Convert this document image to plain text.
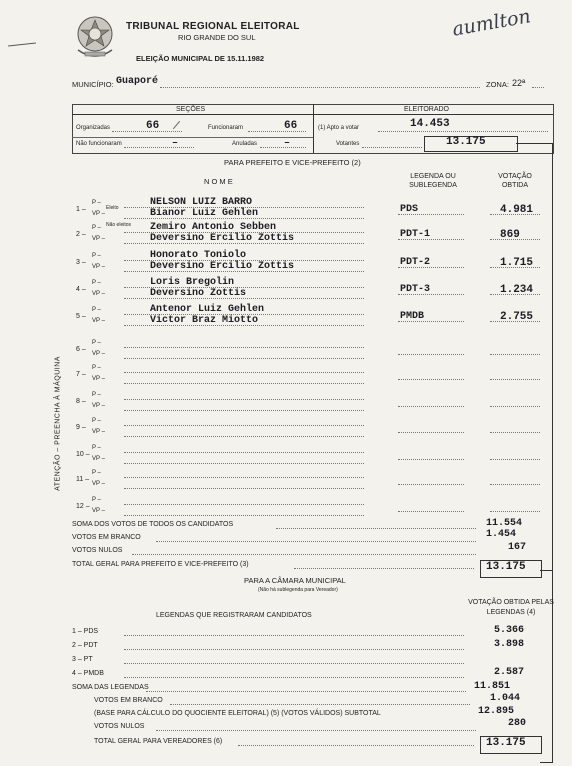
TRIBUNAL REGIONAL ELEITORAL
RIO GRANDE DO SUL
ELEIÇÃO MUNICIPAL DE 15.11.1982
aumlton
MUNICÍPIO: Guaporé	ZONA: 22ª
SEÇÕES	ELEITORADO
Organizadas	66	Funcionaram	66
Não funcionaram	–	Anuladas	–
(1) Apto a votar	14.453
Votantes	13.175
ATENÇÃO – PREENCHA À MÁQUINA
PARA PREFEITO E VICE-PREFEITO (2)
N O M E
LEGENDA OU SUBLEGENDA
VOTAÇÃO OBTIDA
Eleito
Não eleitos
1 –
P –
VP –
NELSON LUIZ BARRO
Bianor Luiz Gehlen	PDS	4.981
2 –
P –
VP –
Zemiro Antonio Sebben
Deversino Ercilio Zottis	PDT-1	869
3 –
P –
VP –
Honorato Toniolo
Deversino Ercilio Zottis	PDT-2	1.715
4 –
P –
VP –
Loris Bregolin
Deversino Zottis	PDT-3	1.234
5 –
P –
VP –
Antenor Luiz Gehlen
Victor Braz Miotto	PMDB	2.755
6 –
P –
VP –
7 –
P –
VP –
8 –
P –
VP –
9 –
P –
VP –
10 –
P –
VP –
11 –
P –
VP –
12 –
P –
VP –
SOMA DOS VOTOS DE TODOS OS CANDIDATOS	11.554
VOTOS EM BRANCO	1.454
VOTOS NULOS	167
TOTAL GERAL PARA PREFEITO E VICE-PREFEITO (3)	13.175
PARA A CÂMARA MUNICIPAL
(Não há sublegenda para Vereador)
LEGENDAS QUE REGISTRARAM CANDIDATOS
VOTAÇÃO OBTIDA PELAS LEGENDAS (4)
1 – PDS	5.366
2 – PDT	3.898
3 – PT
4 – PMDB	2.587
SOMA DAS LEGENDAS	11.851
VOTOS EM BRANCO	1.044
(BASE PARA CÁLCULO DO QUOCIENTE ELEITORAL) (5) (VOTOS VÁLIDOS) SUBTOTAL	12.895
VOTOS NULOS	280
TOTAL GERAL PARA VEREADORES (6)	13.175
